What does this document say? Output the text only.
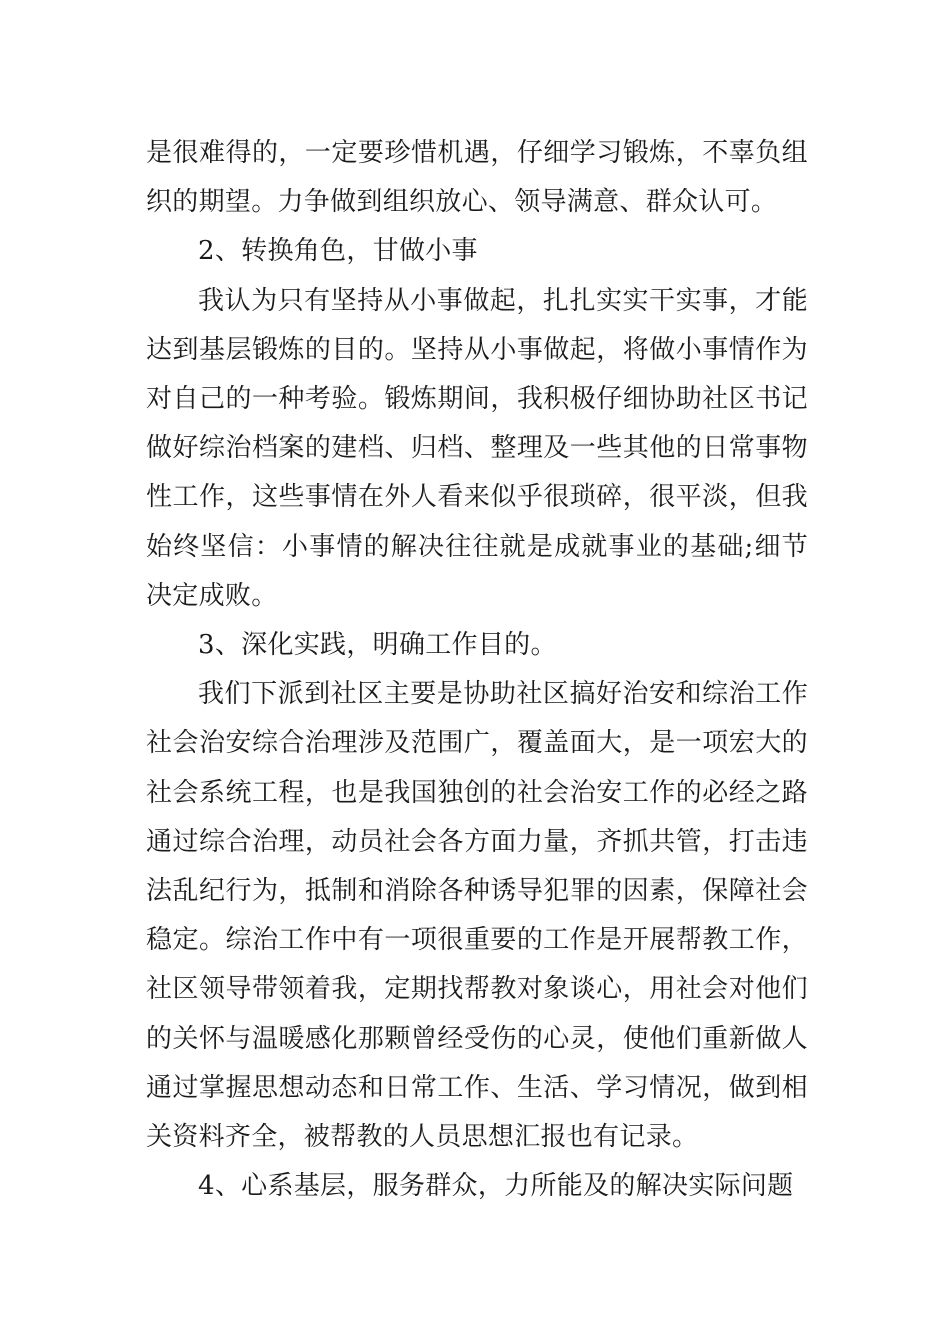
是很难得的，一定要珍惜机遇，仔细学习锻炼，不辜负组织的期望。力争做到组织放心、领导满意、群众认可。

2、转换角色，甘做小事

我认为只有坚持从小事做起，扎扎实实干实事，才能达到基层锻炼的目的。坚持从小事做起，将做小事情作为对自己的一种考验。锻炼期间，我积极仔细协助社区书记做好综治档案的建档、归档、整理及一些其他的日常事物性工作，这些事情在外人看来似乎很琐碎，很平淡，但我始终坚信：小事情的解决往往就是成就事业的基础;细节决定成败。

3、深化实践，明确工作目的。

我们下派到社区主要是协助社区搞好治安和综治工作社会治安综合治理涉及范围广，覆盖面大，是一项宏大的社会系统工程，也是我国独创的社会治安工作的必经之路通过综合治理，动员社会各方面力量，齐抓共管，打击违法乱纪行为，抵制和消除各种诱导犯罪的因素，保障社会稳定。综治工作中有一项很重要的工作是开展帮教工作，社区领导带领着我，定期找帮教对象谈心，用社会对他们的关怀与温暖感化那颗曾经受伤的心灵，使他们重新做人通过掌握思想动态和日常工作、生活、学习情况，做到相关资料齐全，被帮教的人员思想汇报也有记录。

4、心系基层，服务群众，力所能及的解决实际问题
